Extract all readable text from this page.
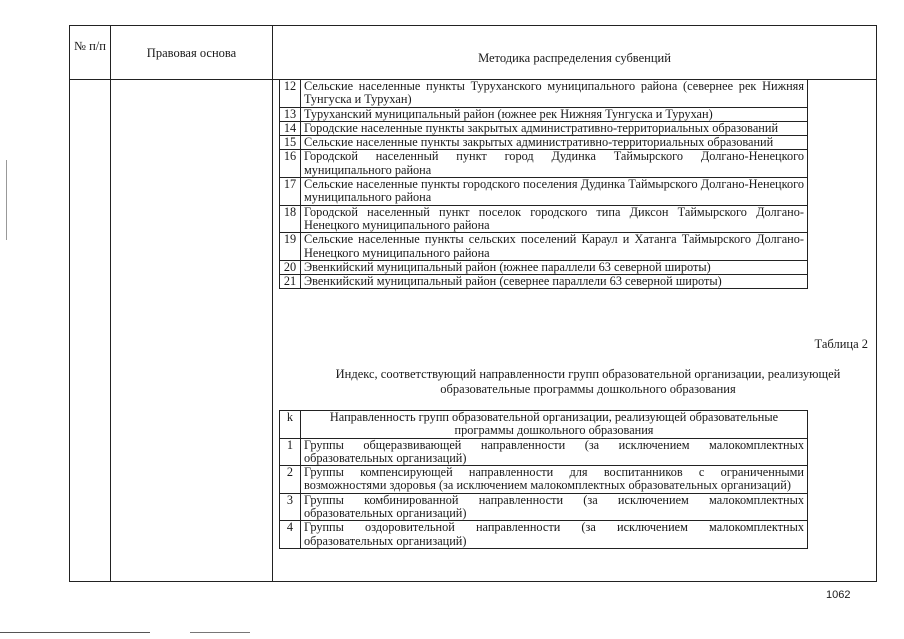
№ п/п	Правовая основа	Методика распределения субвенций
12	Сельские населенные пункты Туруханского муниципального района (севернее рек Нижняя Тунгуска и Турухан)
13	Туруханский муниципальный район (южнее рек Нижняя Тунгуска и Турухан)
14	Городские населенные пункты закрытых административно-территориальных образований
15	Сельские населенные пункты закрытых административно-территориальных образований
16	Городской населенный пункт город Дудинка Таймырского Долгано-Ненецкого муниципального района
17	Сельские населенные пункты городского поселения Дудинка Таймырского Долгано-Ненецкого муниципального района
18	Городской населенный пункт поселок городского типа Диксон Таймырского Долгано-Ненецкого муниципального района
19	Сельские населенные пункты сельских поселений Караул и Хатанга Таймырского Долгано-Ненецкого муниципального района
20	Эвенкийский муниципальный район (южнее параллели 63 северной широты)
21	Эвенкийский муниципальный район (севернее параллели 63 северной широты)
Таблица 2
Индекс, соответствующий направленности групп образовательной организации, реализующей образовательные программы дошкольного образования
k	Направленность групп образовательной организации, реализующей образовательные программы дошкольного образования
1	Группы общеразвивающей направленности (за исключением малокомплектных образовательных организаций)
2	Группы компенсирующей направленности для воспитанников с ограниченными возможностями здоровья (за исключением малокомплектных образовательных организаций)
3	Группы комбинированной направленности (за исключением малокомплектных образовательных организаций)
4	Группы оздоровительной направленности (за исключением малокомплектных образовательных организаций)
1062
